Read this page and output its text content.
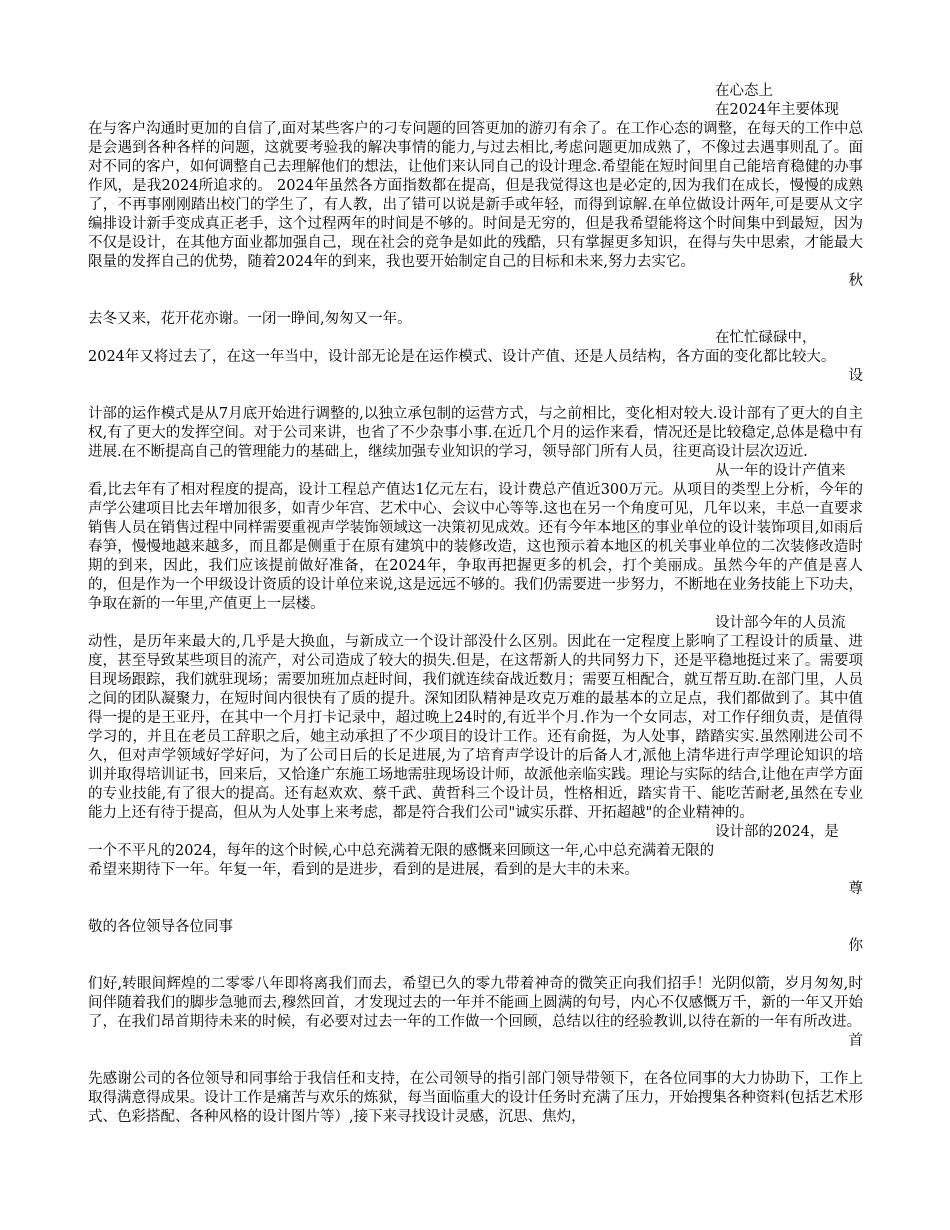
在心态上

在2024年主要体现

在与客户沟通时更加的自信了,面对某些客户的刁专问题的回答更加的游刃有余了。在工作心态的调整，在每天的工作中总是会遇到各种各样的问题，这就要考验我的解决事情的能力,与过去相比,考虑问题更加成熟了，不像过去遇事则乱了。面对不同的客户，如何调整自己去理解他们的想法，让他们来认同自己的设计理念.希望能在短时间里自己能培育稳健的办事作风，是我2024所追求的。 2024年虽然各方面指数都在提高，但是我觉得这也是必定的,因为我们在成长，慢慢的成熟了，不再事刚刚踏出校门的学生了，有人教，出了错可以说是新手或年轻，而得到谅解.在单位做设计两年,可是要从文字编排设计新手变成真正老手，这个过程两年的时间是不够的。时间是无穷的，但是我希望能将这个时间集中到最短，因为不仅是设计，在其他方面业都加强自己，现在社会的竞争是如此的残酷，只有掌握更多知识，在得与失中思索，才能最大限量的发挥自己的优势，随着2024年的到来，我也要开始制定自己的目标和未来,努力去实它。

秋

去冬又来，花开花亦谢。一闭一睁间,匆匆又一年。

在忙忙碌碌中，

2024年又将过去了，在这一年当中，设计部无论是在运作模式、设计产值、还是人员结构，各方面的变化都比较大。

设

计部的运作模式是从7月底开始进行调整的,以独立承包制的运营方式，与之前相比，变化相对较大.设计部有了更大的自主权,有了更大的发挥空间。对于公司来讲，也省了不少杂事小事.在近几个月的运作来看，情况还是比较稳定,总体是稳中有进展.在不断提高自己的管理能力的基础上，继续加强专业知识的学习，领导部门所有人员，往更高设计层次迈近.

从一年的设计产值来

看,比去年有了相对程度的提高，设计工程总产值达1亿元左右，设计费总产值近300万元。从项目的类型上分析，今年的声学公建项目比去年增加很多，如青少年宫、艺术中心、会议中心等等.这也在另一个角度可见，几年以来，丰总一直要求销售人员在销售过程中同样需要重视声学装饰领域这一决策初见成效。还有今年本地区的事业单位的设计装饰项目,如雨后春笋，慢慢地越来越多，而且都是侧重于在原有建筑中的装修改造，这也预示着本地区的机关事业单位的二次装修改造时期的到来，因此，我们应该提前做好准备，在2024年，争取再把握更多的机会，打个美丽成。虽然今年的产值是喜人的，但是作为一个甲级设计资质的设计单位来说,这是远远不够的。我们仍需要进一步努力，不断地在业务技能上下功夫，争取在新的一年里,产值更上一层楼。

设计部今年的人员流

动性，是历年来最大的,几乎是大换血，与新成立一个设计部没什么区别。因此在一定程度上影响了工程设计的质量、进度，甚至导致某些项目的流产，对公司造成了较大的损失.但是，在这帮新人的共同努力下，还是平稳地挺过来了。需要项目现场跟踪，我们就驻现场；需要加班加点赶时间，我们就连续奋战近数月；需要互相配合，就互帮互助.在部门里，人员之间的团队凝聚力，在短时间内很快有了质的提升。深知团队精神是攻克万难的最基本的立足点，我们都做到了。其中值得一提的是王亚丹，在其中一个月打卡记录中，超过晚上24时的,有近半个月.作为一个女同志，对工作仔细负责，是值得学习的，并且在老员工辞职之后，她主动承担了不少项目的设计工作。还有俞挺，为人处事，踏踏实实.虽然刚进公司不久，但对声学领域好学好问，为了公司日后的长足进展,为了培育声学设计的后备人才,派他上清华进行声学理论知识的培训并取得培训证书，回来后，又恰逢广东施工场地需驻现场设计师，故派他亲临实践。理论与实际的结合,让他在声学方面的专业技能,有了很大的提高。还有赵欢欢、蔡千武、黄哲科三个设计员，性格相近，踏实肯干、能吃苦耐老,虽然在专业能力上还有待于提高，但从为人处事上来考虑，都是符合我们公司"诚实乐群、开拓超越"的企业精神的。

设计部的2024，是

一个不平凡的2024，每年的这个时候,心中总充满着无限的感慨来回顾这一年,心中总充满着无限的

希望来期待下一年。年复一年，看到的是进步，看到的是进展，看到的是大丰的未来。

尊

敬的各位领导各位同事

你

们好,转眼间辉煌的二零零八年即将离我们而去，希望已久的零九带着神奇的微笑正向我们招手！光阴似箭，岁月匆匆,时间伴随着我们的脚步急驰而去,穆然回首，才发现过去的一年并不能画上圆满的句号，内心不仅感慨万千，新的一年又开始了，在我们昂首期待未来的时候，有必要对过去一年的工作做一个回顾，总结以往的经验教训,以待在新的一年有所改进。

首

先感谢公司的各位领导和同事给于我信任和支持，在公司领导的指引部门领导带领下，在各位同事的大力协助下，工作上取得满意得成果。设计工作是痛苦与欢乐的炼狱，每当面临重大的设计任务时充满了压力，开始搜集各种资料(包括艺术形式、色彩搭配、各种风格的设计图片等）,接下来寻找设计灵感，沉思、焦灼，
